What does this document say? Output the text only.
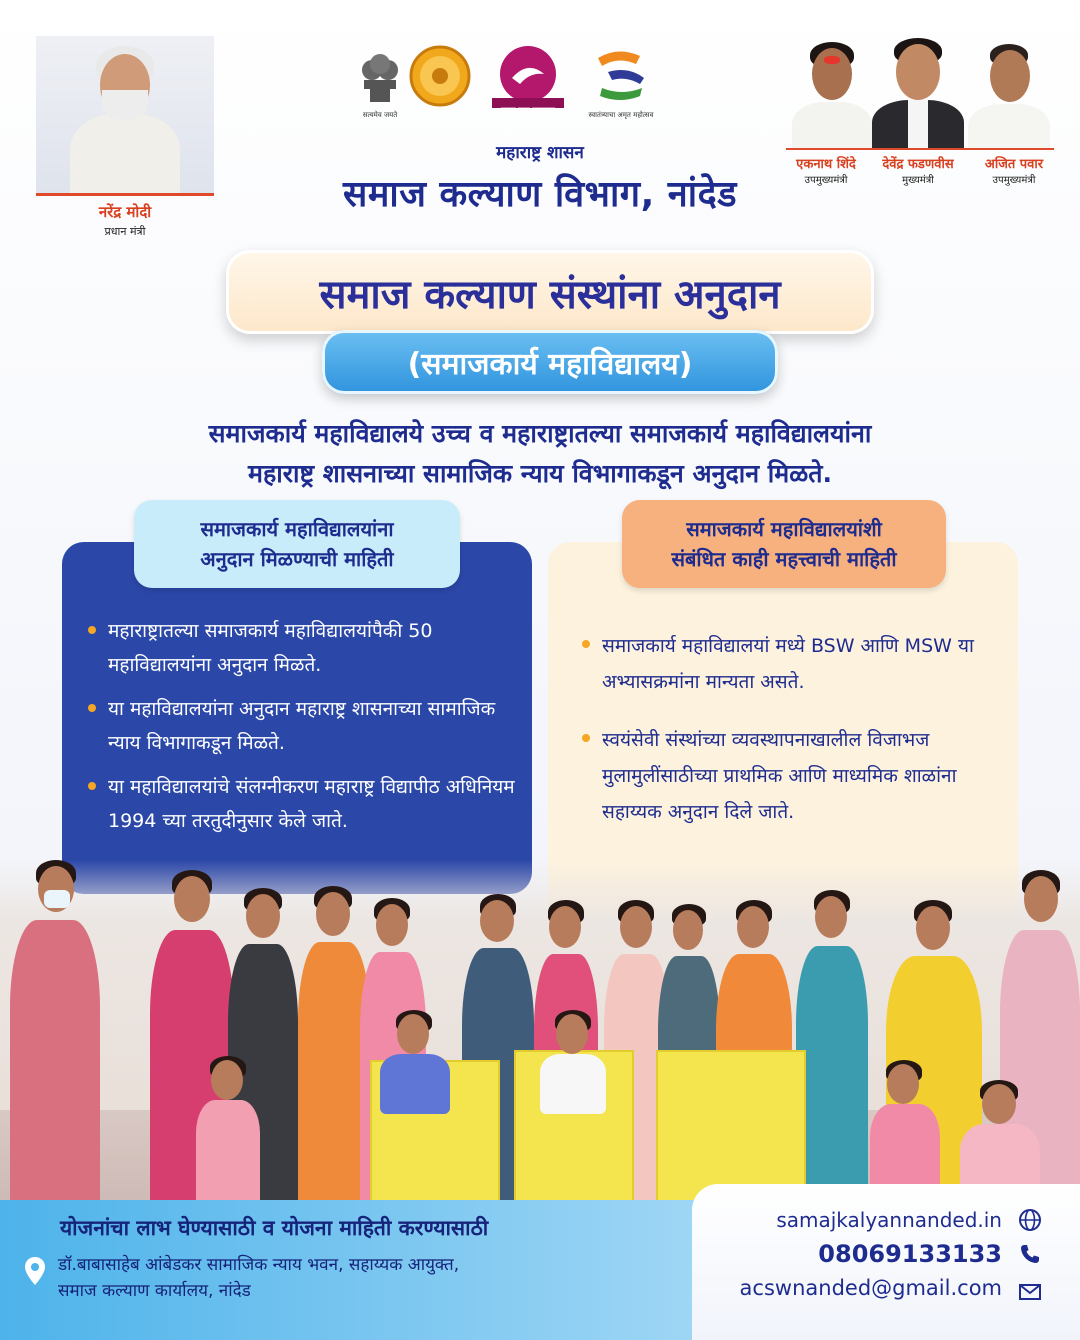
नरेंद्र मोदी
प्रधान मंत्री
सत्यमेव जयते
समता न्याय एकात्मता
स्वातंत्र्याचा अमृत महोत्सव
महाराष्ट्र शासन
समाज कल्याण विभाग, नांदेड
एकनाथ शिंदे
उपमुख्यमंत्री
देवेंद्र फडणवीस
मुख्यमंत्री
अजित पवार
उपमुख्यमंत्री
समाज कल्याण संस्थांना अनुदान
(समाजकार्य महाविद्यालय)
समाजकार्य महाविद्यालये उच्च व महाराष्ट्रातल्या समाजकार्य महाविद्यालयांना
महाराष्ट्र शासनाच्या सामाजिक न्याय विभागाकडून अनुदान मिळते.
समाजकार्य महाविद्यालयांना
अनुदान मिळण्याची माहिती
समाजकार्य महाविद्यालयांशी
संबंधित काही महत्त्वाची माहिती
महाराष्ट्रातल्या समाजकार्य महाविद्यालयांपैकी 50 महाविद्यालयांना अनुदान मिळते.
या महाविद्यालयांना अनुदान महाराष्ट्र शासनाच्या सामाजिक न्याय विभागाकडून मिळते.
या महाविद्यालयांचे संलग्नीकरण महाराष्ट्र विद्यापीठ अधिनियम 1994 च्या तरतुदीनुसार केले जाते.
समाजकार्य महाविद्यालयां मध्ये BSW आणि MSW या अभ्यासक्रमांना मान्यता असते.
स्वयंसेवी संस्थांच्या व्यवस्थापनाखालील विजाभज मुलामुलींसाठीच्या प्राथमिक आणि माध्यमिक शाळांना सहाय्यक अनुदान दिले जाते.
योजनांचा लाभ घेण्यासाठी व योजना माहिती करण्यासाठी
डॉ.बाबासाहेब आंबेडकर सामाजिक न्याय भवन, सहाय्यक आयुक्त,
समाज कल्याण कार्यालय, नांदेड
samajkalyannanded.in
08069133133
acswnanded@gmail.com
